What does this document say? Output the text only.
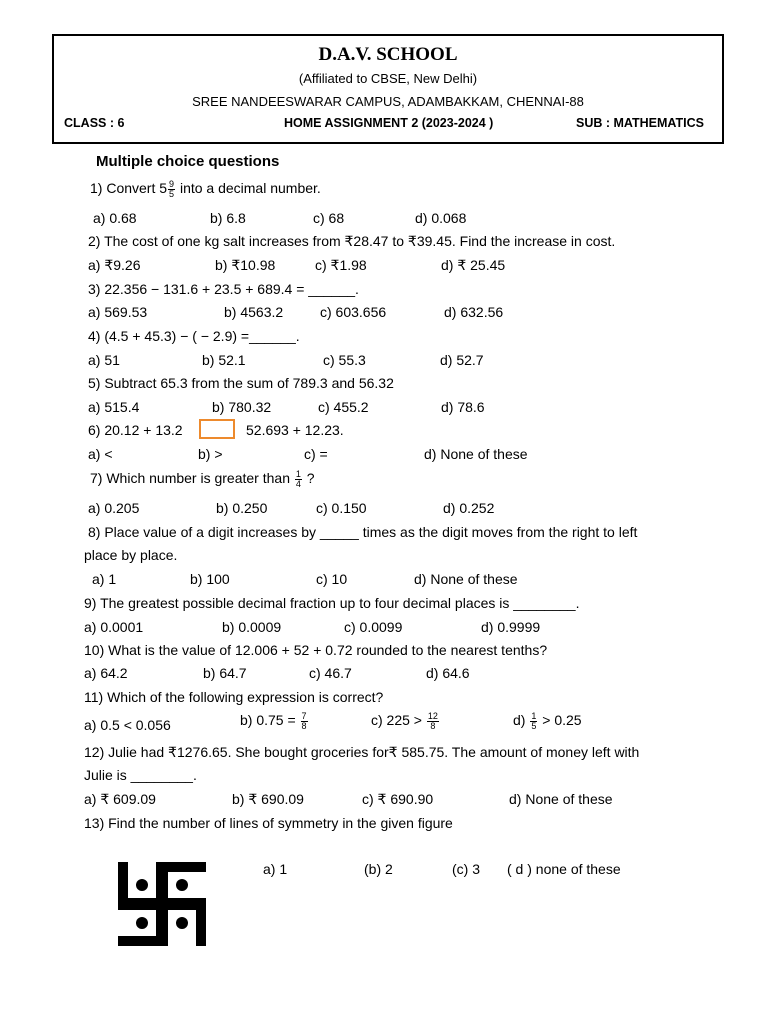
D.A.V. SCHOOL
(Affiliated to CBSE, New Delhi)
SREE NANDEESWARAR CAMPUS, ADAMBAKKAM, CHENNAI-88
CLASS : 6	HOME ASSIGNMENT 2 (2023-2024 )	SUB : MATHEMATICS
Multiple choice questions
1) Convert $5 \frac{9}{5}$ into a decimal number.
a) 0.68	b) 6.8	c) 68	d) 0.068
2) The cost of one kg salt increases from ₹28.47 to ₹39.45. Find the increase in cost.
a) ₹9.26	b) ₹10.98	c) ₹1.98	d) ₹ 25.45
3) 22.356 − 131.6 + 23.5 + 689.4 = ______.
a) 569.53	b) 4563.2	c) 603.656	d) 632.56
4) (4.5 + 45.3) − ( − 2.9) =______.
a) 51	b) 52.1	c) 55.3	d) 52.7
5) Subtract 65.3 from the sum of 789.3 and 56.32
a) 515.4	b) 780.32	c) 455.2	d) 78.6
6) 20.12 + 13.2	52.693 + 12.23.
a) <	b) >	c) =	d) None of these
7) Which number is greater than $\frac{1}{4}$ ?
a) 0.205	b) 0.250	c) 0.150	d) 0.252
8) Place value of a digit increases by _____ times as the digit moves from the right to left
place by place.
a) 1	b) 100	c) 10	d) None of these
9) The greatest possible decimal fraction up to four decimal places is ________.
a) 0.0001	b) 0.0009	c) 0.0099	d) 0.9999
10) What is the value of 12.006 + 52 + 0.72 rounded to the nearest tenths?
a) 64.2	b) 64.7	c) 46.7	d) 64.6
11) Which of the following expression is correct?
a) 0.5 < 0.056	b) $0.75 = \frac{7}{8}$	c) $225 > \frac{12}{8}$	$d) \frac{1}{5} > 0.25$
12) Julie had ₹1276.65. She bought groceries for₹ 585.75. The amount of money left with
Julie is ________.
a) ₹ 609.09	b) ₹ 690.09	c) ₹ 690.90	d) None of these
13) Find the number of lines of symmetry in the given figure
a) 1	(b) 2	(c) 3 ( d ) none of these
